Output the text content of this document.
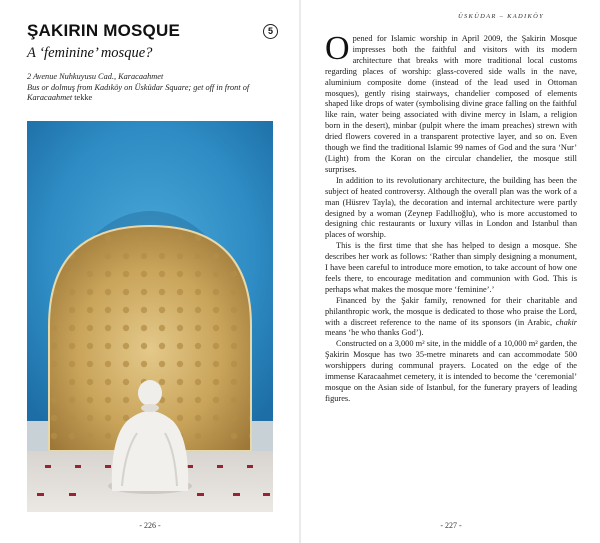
ŞAKIRIN MOSQUE	5
A ‘feminine’ mosque?
2 Avenue Nuhkuyusu Cad., Karacaahmet
Bus or dolmuş from Kadıköy on Üsküdar Square; get off in front of Karacaahmet tekke
- 226 -
ÜSKÜDAR – KADIKÖY

Opened for Islamic worship in April 2009, the Şakirin Mosque impresses both the faithful and visitors with its modern architecture that breaks with more traditional local customs regarding places of worship: glass-covered side walls in the nave, aluminium composite dome (instead of the lead used in Ottoman mosques), gently rising stairways, chandelier composed of elements shaped like drops of water (symbolising divine grace falling on the faithful like rain, water being associated with divine mercy in Islam, a religion born in the desert), minbar (pulpit where the imam preaches) strewn with dried flowers covered in a transparent protective layer, and so on. Even though we find the traditional Islamic 99 names of God and the sura ‘Nur’ (Light) from the Koran on the circular chandelier, the mosque still surprises.

In addition to its revolutionary architecture, the building has been the subject of heated controversy. Although the overall plan was the work of a man (Hüsrev Tayla), the decoration and internal architecture were partly designed by a woman (Zeynep Fadıllıoğlu), who is more accustomed to designing chic restaurants or luxury villas in London and Istanbul than places of worship.

This is the first time that she has helped to design a mosque. She describes her work as follows: ‘Rather than simply designing a monument, I have been careful to introduce more emotion, to take account of how one feels there, to encourage meditation and communion with God. This is perhaps what makes the mosque more ‘feminine’.’

Financed by the Şakir family, renowned for their charitable and philanthropic work, the mosque is dedicated to those who praise the Lord, with a discreet reference to the name of its sponsors (in Arabic, chakir means ‘he who thanks God’).

Constructed on a 3,000 m² site, in the middle of a 10,000 m² garden, the Şakirin Mosque has two 35-metre minarets and can accommodate 500 worshippers during communal prayers. Located on the edge of the immense Karacaahmet cemetery, it is intended to become the ‘ceremonial’ mosque on the Asian side of Istanbul, for the funerary prayers of leading figures.

- 227 -
